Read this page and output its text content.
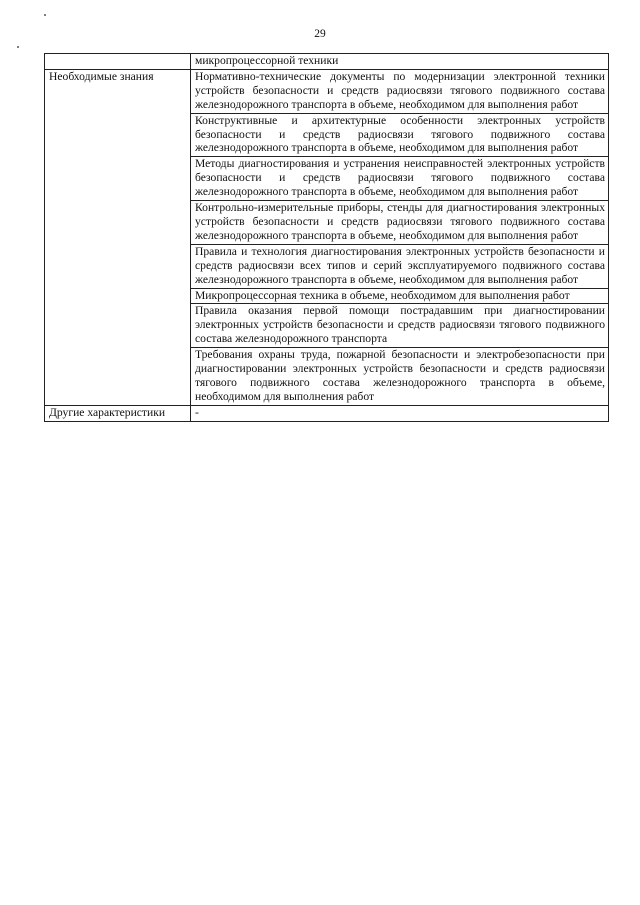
29
	микропроцессорной техники
Необходимые знания	Нормативно-технические документы по модернизации электронной техники устройств безопасности и средств радиосвязи тягового подвижного состава железнодорожного транспорта в объеме, необходимом для выполнения работ
	Конструктивные и архитектурные особенности электронных устройств безопасности и средств радиосвязи тягового подвижного состава железнодорожного транспорта в объеме, необходимом для выполнения работ
	Методы диагностирования и устранения неисправностей электронных устройств безопасности и средств радиосвязи тягового подвижного состава железнодорожного транспорта в объеме, необходимом для выполнения работ
	Контрольно-измерительные приборы, стенды для диагностирования электронных устройств безопасности и средств радиосвязи тягового подвижного состава железнодорожного транспорта в объеме, необходимом для выполнения работ
	Правила и технология диагностирования электронных устройств безопасности и средств радиосвязи всех типов и серий эксплуатируемого подвижного состава железнодорожного транспорта в объеме, необходимом для выполнения работ
	Микропроцессорная техника в объеме, необходимом для выполнения работ
	Правила оказания первой помощи пострадавшим при диагностировании электронных устройств безопасности и средств радиосвязи тягового подвижного состава железнодорожного транспорта
	Требования охраны труда, пожарной безопасности и электробезопасности при диагностировании электронных устройств безопасности и средств радиосвязи тягового подвижного состава железнодорожного транспорта в объеме, необходимом для выполнения работ
Другие характеристики	-
